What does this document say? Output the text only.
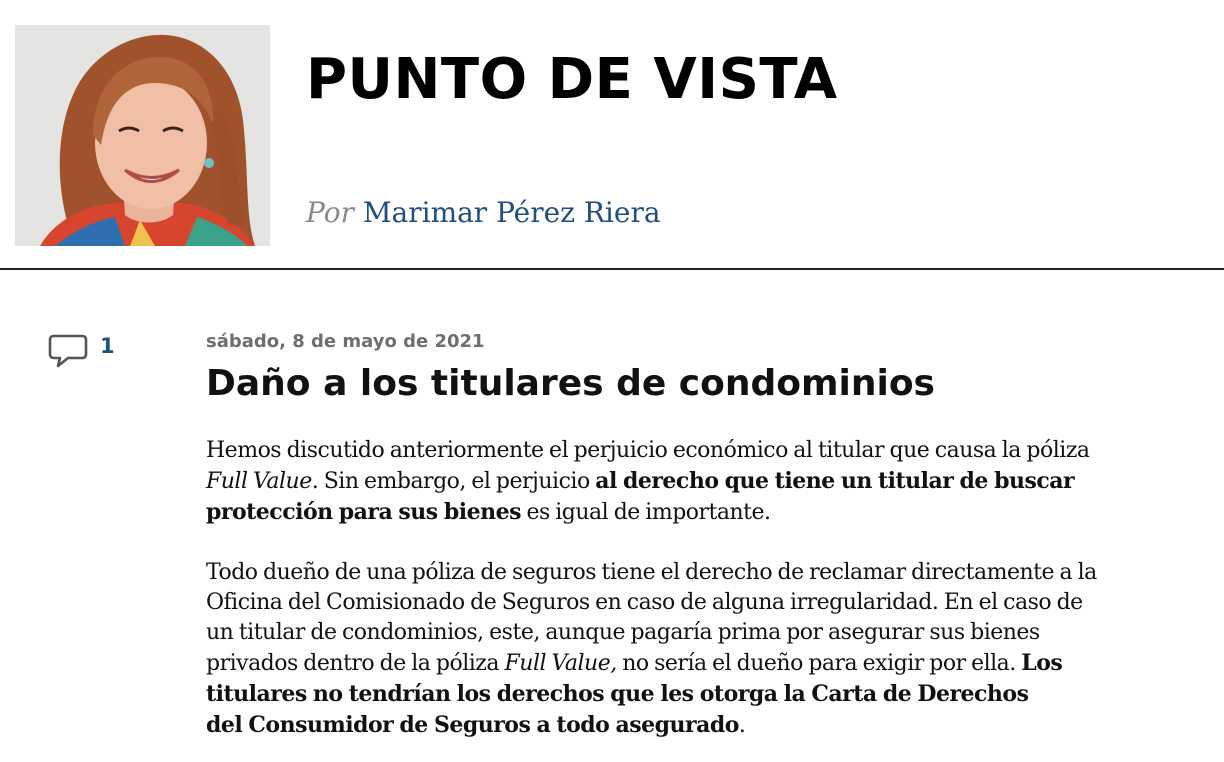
PUNTO DE VISTA
Por Marimar Pérez Riera
1	sábado, 8 de mayo de 2021

Daño a los titulares de condominios

Hemos discutido anteriormente el perjuicio económico al titular que causa la póliza
Full Value. Sin embargo, el perjuicio al derecho que tiene un titular de buscar
protección para sus bienes es igual de importante.

Todo dueño de una póliza de seguros tiene el derecho de reclamar directamente a la
Oficina del Comisionado de Seguros en caso de alguna irregularidad. En el caso de
un titular de condominios, este, aunque pagaría prima por asegurar sus bienes
privados dentro de la póliza Full Value, no sería el dueño para exigir por ella. Los
titulares no tendrían los derechos que les otorga la Carta de Derechos
del Consumidor de Seguros a todo asegurado.
